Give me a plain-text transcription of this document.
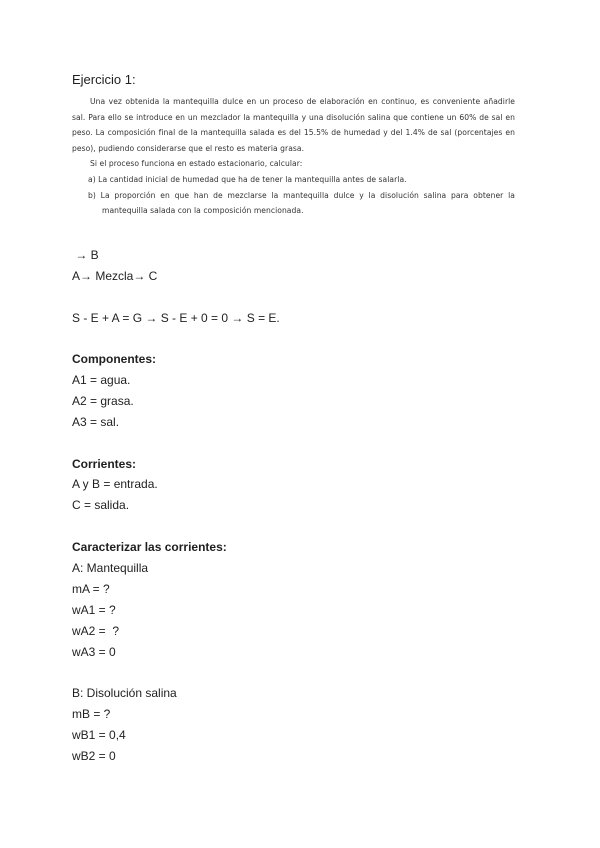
Ejercicio 1:

Una vez obtenida la mantequilla dulce en un proceso de elaboración en continuo, es conveniente añadirle sal. Para ello se introduce en un mezclador la mantequilla y una disolución salina que contiene un 60% de sal en peso. La composición final de la mantequilla salada es del 15.5% de humedad y del 1.4% de sal (porcentajes en peso), pudiendo considerarse que el resto es materia grasa.

Si el proceso funciona en estado estacionario, calcular:

a) La cantidad inicial de humedad que ha de tener la mantequilla antes de salarla.

b) La proporción en que han de mezclarse la mantequilla dulce y la disolución salina para obtener la mantequilla salada con la composición mencionada.

→ B
A→ Mezcla→ C
S - E + A = G → S - E + 0 = 0 → S = E.
Componentes:
A1 = agua.
A2 = grasa.
A3 = sal.
Corrientes:
A y B = entrada.
C = salida.
Caracterizar las corrientes:
A: Mantequilla
mA = ?
wA1 = ?
wA2 =  ?
wA3 = 0
B: Disolución salina
mB = ?
wB1 = 0,4
wB2 = 0
